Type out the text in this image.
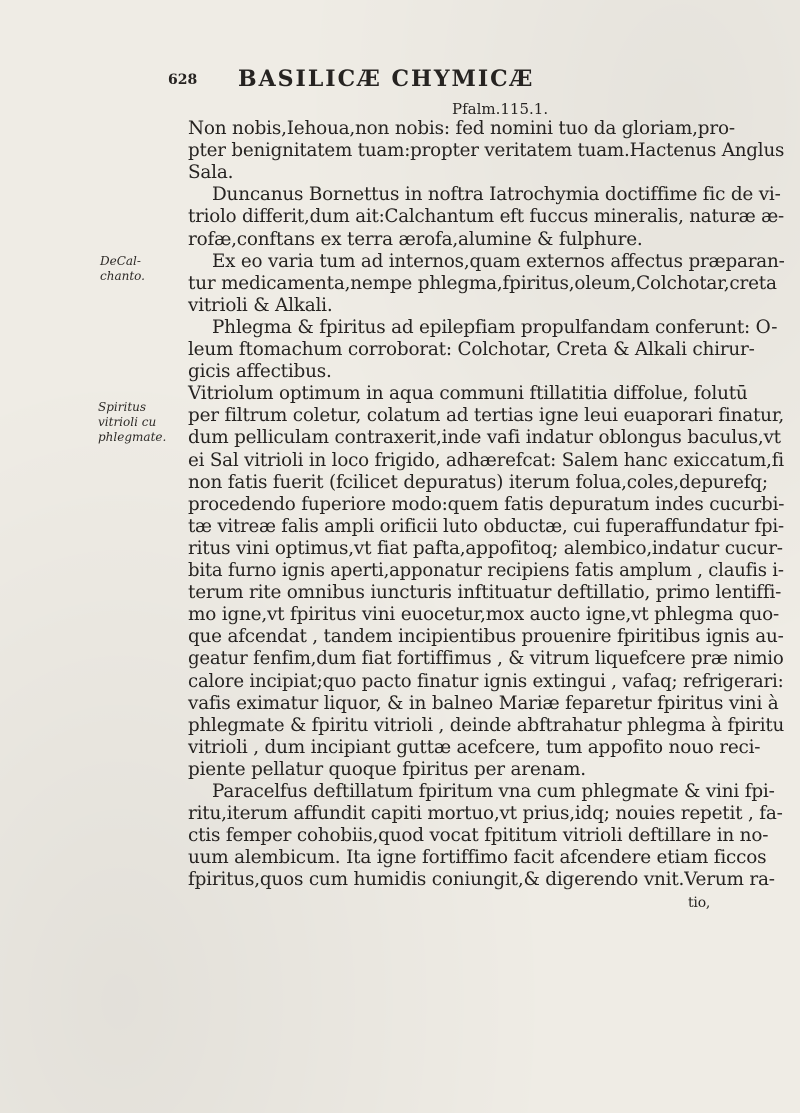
628 BASILICÆ CHYMICÆ
Pfalm.115.1.
DeCal-chanto.
Spiritus vitrioli cu phlegmate.
Non nobis,Iehoua,non nobis: fed nomini tuo da gloriam,pro-
pter benignitatem tuam:propter veritatem tuam.Hactenus Anglus
Sala.
Duncanus Bornettus in noftra Iatrochymia doctiffime fic de vi-
triolo differit,dum ait:Calchantum eft fuccus mineralis, naturæ æ-
rofæ,conftans ex terra ærofa,alumine & fulphure.
Ex eo varia tum ad internos,quam externos affectus præparan-
tur medicamenta,nempe phlegma,fpiritus,oleum,Colchotar,creta
vitrioli & Alkali.
Phlegma & fpiritus ad epilepfiam propulfandam conferunt: O-
leum ftomachum corroborat: Colchotar, Creta & Alkali chirur-
gicis affectibus.
Vitriolum optimum in aqua communi ftillatitia diffolue, folutū
per filtrum coletur, colatum ad tertias igne leui euaporari finatur,
dum pelliculam contraxerit,inde vafi indatur oblongus baculus,vt
ei Sal vitrioli in loco frigido, adhærefcat: Salem hanc exiccatum,fi
non fatis fuerit (fcilicet depuratus) iterum folua,coles,depurefq;
procedendo fuperiore modo:quem fatis depuratum indes cucurbi-
tæ vitreæ falis ampli orificii luto obductæ, cui fuperaffundatur fpi-
ritus vini optimus,vt fiat pafta,appofitoq; alembico,indatur cucur-
bita furno ignis aperti,apponatur recipiens fatis amplum , claufis i-
terum rite omnibus iuncturis inftituatur deftillatio, primo lentiffi-
mo igne,vt fpiritus vini euocetur,mox aucto igne,vt phlegma quo-
que afcendat , tandem incipientibus prouenire fpiritibus ignis au-
geatur fenfim,dum fiat fortiffimus , & vitrum liquefcere præ nimio
calore incipiat;quo pacto finatur ignis extingui , vafaq; refrigerari:
vafis eximatur liquor, & in balneo Mariæ feparetur fpiritus vini à
phlegmate & fpiritu vitrioli , deinde abftrahatur phlegma à fpiritu
vitrioli , dum incipiant guttæ acefcere, tum appofito nouo reci-
piente pellatur quoque fpiritus per arenam.
Paracelfus deftillatum fpiritum vna cum phlegmate & vini fpi-
ritu,iterum affundit capiti mortuo,vt prius,idq; nouies repetit , fa-
ctis femper cohobiis,quod vocat fpititum vitrioli deftillare in no-
uum alembicum. Ita igne fortiffimo facit afcendere etiam ficcos
fpiritus,quos cum humidis coniungit,& digerendo vnit.Verum ra-
tio,
